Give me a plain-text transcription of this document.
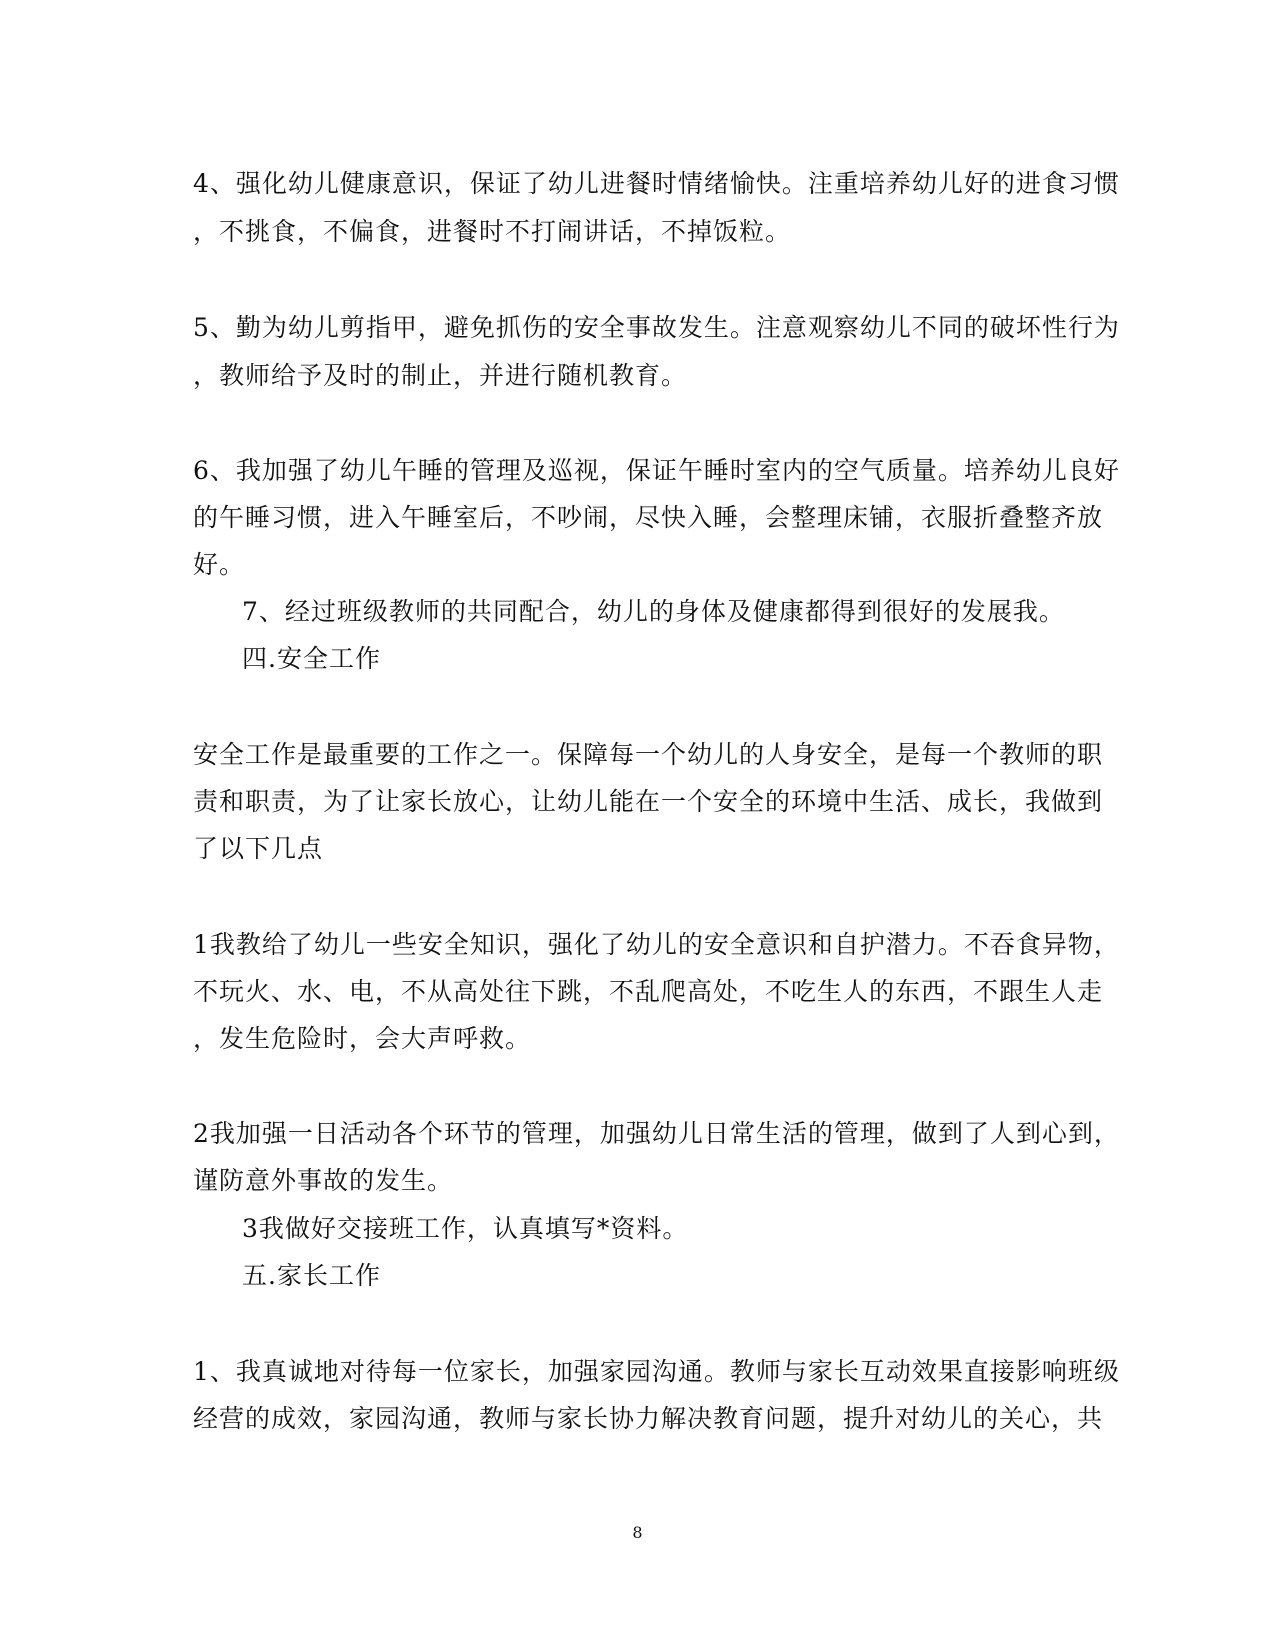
4、强化幼儿健康意识，保证了幼儿进餐时情绪愉快。注重培养幼儿好的进食习惯
，不挑食，不偏食，进餐时不打闹讲话，不掉饭粒。
5、勤为幼儿剪指甲，避免抓伤的安全事故发生。注意观察幼儿不同的破坏性行为
，教师给予及时的制止，并进行随机教育。
6、我加强了幼儿午睡的管理及巡视，保证午睡时室内的空气质量。培养幼儿良好
的午睡习惯，进入午睡室后，不吵闹，尽快入睡，会整理床铺，衣服折叠整齐放
好。
7、经过班级教师的共同配合，幼儿的身体及健康都得到很好的发展我。
四.安全工作
安全工作是最重要的工作之一。保障每一个幼儿的人身安全，是每一个教师的职
责和职责，为了让家长放心，让幼儿能在一个安全的环境中生活、成长，我做到
了以下几点
1我教给了幼儿一些安全知识，强化了幼儿的安全意识和自护潜力。不吞食异物，
不玩火、水、电，不从高处往下跳，不乱爬高处，不吃生人的东西，不跟生人走
，发生危险时，会大声呼救。
2我加强一日活动各个环节的管理，加强幼儿日常生活的管理，做到了人到心到，
谨防意外事故的发生。
3我做好交接班工作，认真填写*资料。
五.家长工作
1、我真诚地对待每一位家长，加强家园沟通。教师与家长互动效果直接影响班级
经营的成效，家园沟通，教师与家长协力解决教育问题，提升对幼儿的关心，共
8
